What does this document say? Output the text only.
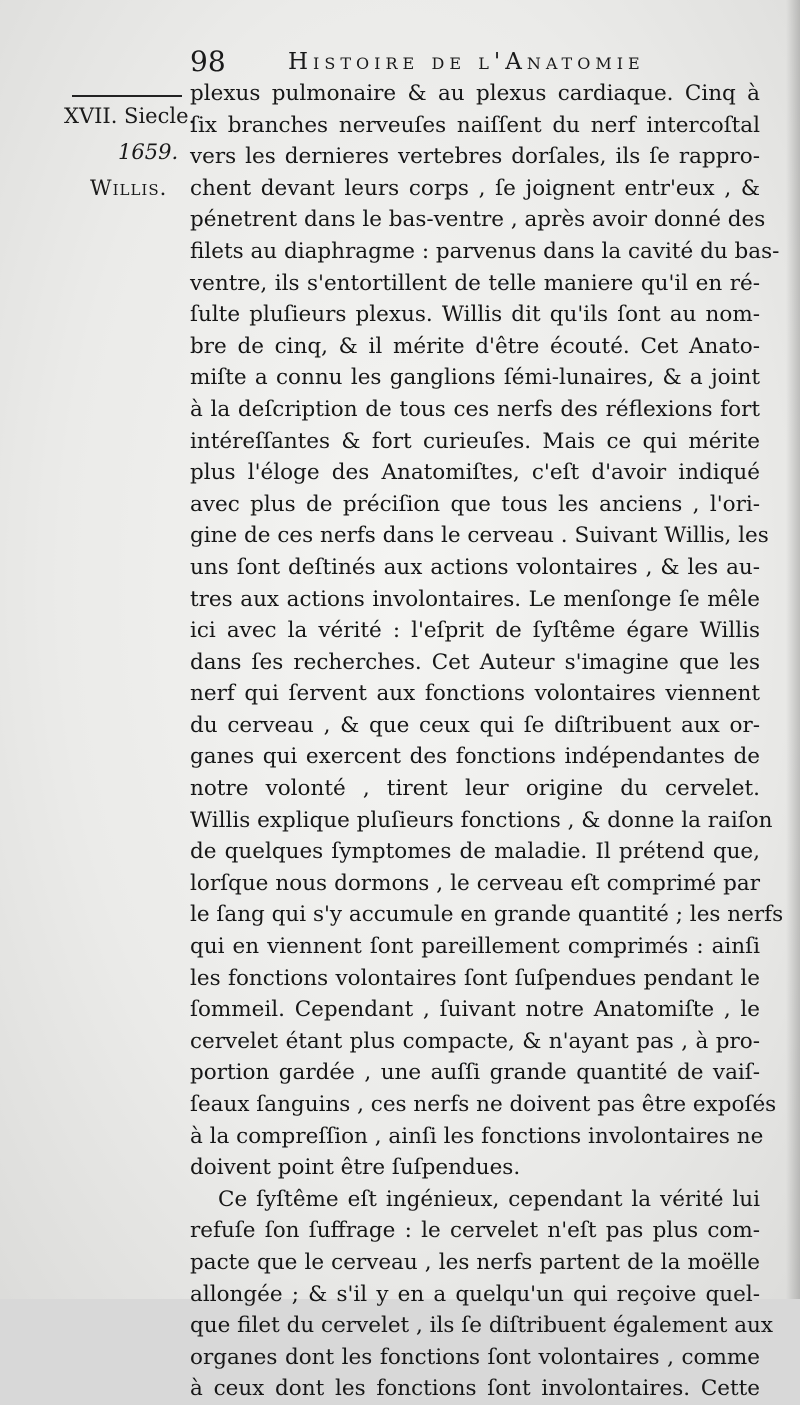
98	Histoire de l'Anatomie
XVII. Siecle.
1659.
Willis.
plexus pulmonaire & au plexus cardiaque. Cinq à
ſix branches nerveuſes naiſſent du nerf intercoſtal
vers les dernieres vertebres dorſales, ils ſe rappro-
chent devant leurs corps , ſe joignent entr'eux , &
pénetrent dans le bas-ventre , après avoir donné des
filets au diaphragme : parvenus dans la cavité du bas-
ventre, ils s'entortillent de telle maniere qu'il en ré-
ſulte pluſieurs plexus. Willis dit qu'ils ſont au nom-
bre de cinq, & il mérite d'être écouté. Cet Anato-
miſte a connu les ganglions ſémi-lunaires, & a joint
à la deſcription de tous ces nerfs des réflexions fort
intéreſſantes & fort curieuſes. Mais ce qui mérite
plus l'éloge des Anatomiſtes, c'eſt d'avoir indiqué
avec plus de préciſion que tous les anciens , l'ori-
gine de ces nerfs dans le cerveau . Suivant Willis, les
uns ſont deſtinés aux actions volontaires , & les au-
tres aux actions involontaires. Le menſonge ſe mêle
ici avec la vérité : l'eſprit de ſyſtême égare Willis
dans ſes recherches. Cet Auteur s'imagine que les
nerf qui ſervent aux fonctions volontaires viennent
du cerveau , & que ceux qui ſe diſtribuent aux or-
ganes qui exercent des fonctions indépendantes de
notre volonté , tirent leur origine du cervelet.
Willis explique pluſieurs fonctions , & donne la raiſon
de quelques ſymptomes de maladie. Il prétend que,
lorſque nous dormons , le cerveau eſt comprimé par
le ſang qui s'y accumule en grande quantité ; les nerfs
qui en viennent ſont pareillement comprimés : ainſi
les fonctions volontaires ſont ſuſpendues pendant le
ſommeil. Cependant , ſuivant notre Anatomiſte , le
cervelet étant plus compacte, & n'ayant pas , à pro-
portion gardée , une auſſi grande quantité de vaiſ-
ſeaux ſanguins , ces nerfs ne doivent pas être expoſés
à la compreſſion , ainſi les fonctions involontaires ne
doivent point être ſuſpendues.
Ce ſyſtême eſt ingénieux, cependant la vérité lui
refuſe ſon ſuffrage : le cervelet n'eſt pas plus com-
pacte que le cerveau , les nerfs partent de la moëlle
allongée ; & s'il y en a quelqu'un qui reçoive quel-
que filet du cervelet , ils ſe diſtribuent également aux
organes dont les fonctions ſont volontaires , comme
à ceux dont les fonctions ſont involontaires. Cette
